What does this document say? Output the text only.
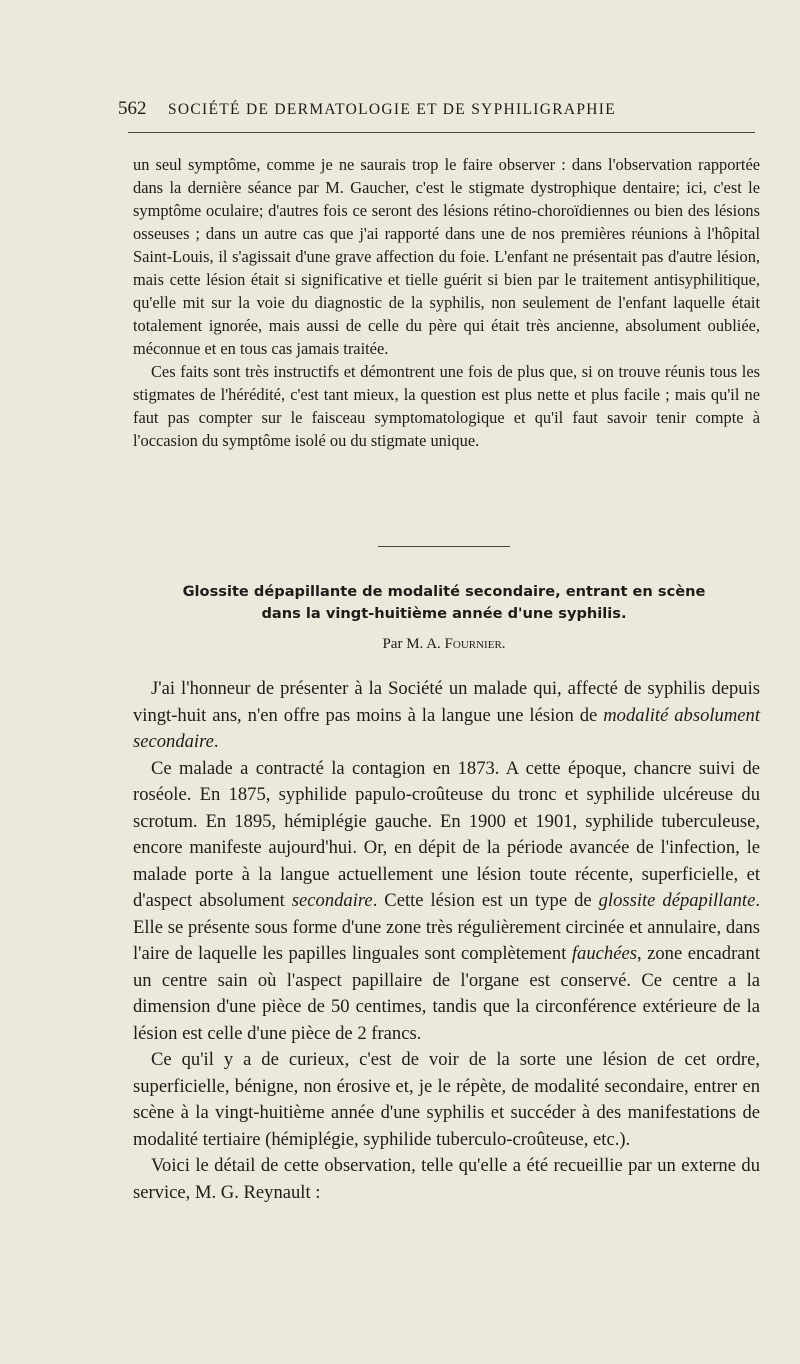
562 SOCIÉTÉ DE DERMATOLOGIE ET DE SYPHILIGRAPHIE

un seul symptôme, comme je ne saurais trop le faire observer : dans l'observation rapportée dans la dernière séance par M. Gaucher, c'est le stigmate dystrophique dentaire; ici, c'est le symptôme oculaire; d'autres fois ce seront des lésions rétino-choroïdiennes ou bien des lésions osseuses ; dans un autre cas que j'ai rapporté dans une de nos premières réunions à l'hôpital Saint-Louis, il s'agissait d'une grave affection du foie. L'enfant ne présentait pas d'autre lésion, mais cette lésion était si significative et tielle guérit si bien par le traitement antisyphilitique, qu'elle mit sur la voie du diagnostic de la syphilis, non seulement de l'enfant laquelle était totalement ignorée, mais aussi de celle du père qui était très ancienne, absolument oubliée, méconnue et en tous cas jamais traitée.

Ces faits sont très instructifs et démontrent une fois de plus que, si on trouve réunis tous les stigmates de l'hérédité, c'est tant mieux, la question est plus nette et plus facile ; mais qu'il ne faut pas compter sur le faisceau symptomatologique et qu'il faut savoir tenir compte à l'occasion du symptôme isolé ou du stigmate unique.

Glossite dépapillante de modalité secondaire, entrant en scène
dans la vingt-huitième année d'une syphilis.
Par M. A. Fournier.

J'ai l'honneur de présenter à la Société un malade qui, affecté de syphilis depuis vingt-huit ans, n'en offre pas moins à la langue une lésion de modalité absolument secondaire.

Ce malade a contracté la contagion en 1873. A cette époque, chancre suivi de roséole. En 1875, syphilide papulo-croûteuse du tronc et syphilide ulcéreuse du scrotum. En 1895, hémiplégie gauche. En 1900 et 1901, syphilide tuberculeuse, encore manifeste aujourd'hui. Or, en dépit de la période avancée de l'infection, le malade porte à la langue actuellement une lésion toute récente, superficielle, et d'aspect absolument secondaire. Cette lésion est un type de glossite dépapillante. Elle se présente sous forme d'une zone très régulièrement circinée et annulaire, dans l'aire de laquelle les papilles linguales sont complètement fauchées, zone encadrant un centre sain où l'aspect papillaire de l'organe est conservé. Ce centre a la dimension d'une pièce de 50 centimes, tandis que la circonférence extérieure de la lésion est celle d'une pièce de 2 francs.

Ce qu'il y a de curieux, c'est de voir de la sorte une lésion de cet ordre, superficielle, bénigne, non érosive et, je le répète, de modalité secondaire, entrer en scène à la vingt-huitième année d'une syphilis et succéder à des manifestations de modalité tertiaire (hémiplégie, syphilide tuberculo-croûteuse, etc.).

Voici le détail de cette observation, telle qu'elle a été recueillie par un externe du service, M. G. Reynault :
